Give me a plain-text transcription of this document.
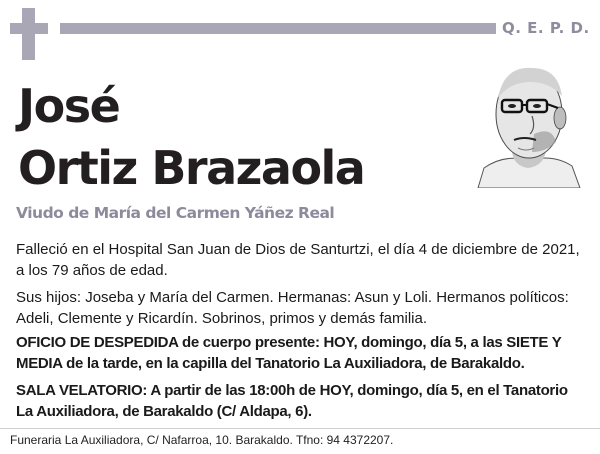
Q. E. P. D.
José
Ortiz Brazaola
Viudo de María del Carmen Yáñez Real
Falleció en el Hospital San Juan de Dios de Santurtzi, el día 4 de diciembre de 2021, a los 79 años de edad.
Sus hijos: Joseba y María del Carmen. Hermanas: Asun y Loli. Hermanos políticos: Adeli, Clemente y Ricardín. Sobrinos, primos y demás familia.
OFICIO DE DESPEDIDA de cuerpo presente: HOY, domingo, día 5, a las SIETE Y MEDIA de la tarde, en la capilla del Tanatorio La Auxiliadora, de Barakaldo.
SALA VELATORIO: A partir de las 18:00h de HOY, domingo, día 5, en el Tanatorio La Auxiliadora, de Barakaldo (C/ Aldapa, 6).
Funeraria La Auxiliadora, C/ Nafarroa, 10. Barakaldo. Tfno: 94 4372207.
